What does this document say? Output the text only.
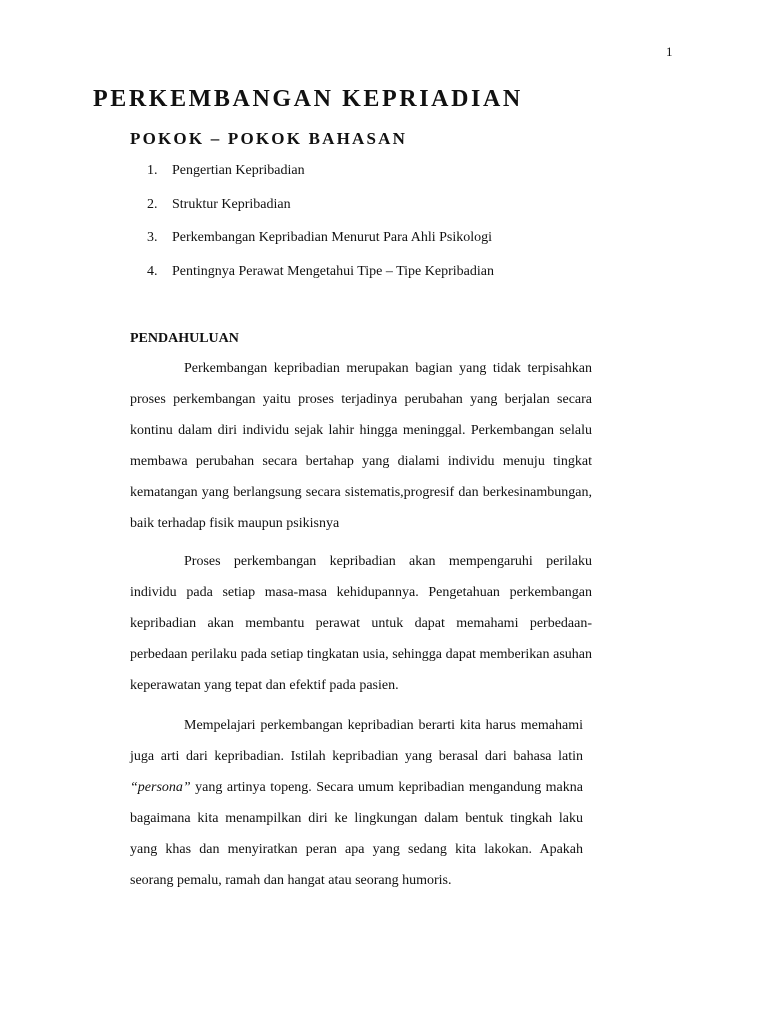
1
PERKEMBANGAN KEPRIADIAN
POKOK – POKOK BAHASAN
1. Pengertian Kepribadian
2. Struktur Kepribadian
3. Perkembangan Kepribadian Menurut Para Ahli Psikologi
4. Pentingnya Perawat Mengetahui Tipe – Tipe Kepribadian
PENDAHULUAN

Perkembangan kepribadian merupakan bagian yang tidak terpisahkan proses perkembangan yaitu proses terjadinya perubahan yang berjalan secara kontinu dalam diri individu sejak lahir hingga meninggal. Perkembangan selalu membawa perubahan secara bertahap yang dialami individu menuju tingkat kematangan yang berlangsung secara sistematis,progresif dan berkesinambungan, baik terhadap fisik maupun psikisnya

Proses perkembangan kepribadian akan mempengaruhi perilaku individu pada setiap masa-masa kehidupannya. Pengetahuan perkembangan kepribadian akan membantu perawat untuk dapat memahami perbedaan-perbedaan perilaku pada setiap tingkatan usia, sehingga dapat memberikan asuhan keperawatan yang tepat dan efektif pada pasien.

Mempelajari perkembangan kepribadian berarti kita harus memahami juga arti dari kepribadian. Istilah kepribadian yang berasal dari bahasa latin “persona” yang artinya topeng. Secara umum kepribadian mengandung makna bagaimana kita menampilkan diri ke lingkungan dalam bentuk tingkah laku yang khas dan menyiratkan peran apa yang sedang kita lakokan. Apakah seorang pemalu, ramah dan hangat atau seorang humoris.
